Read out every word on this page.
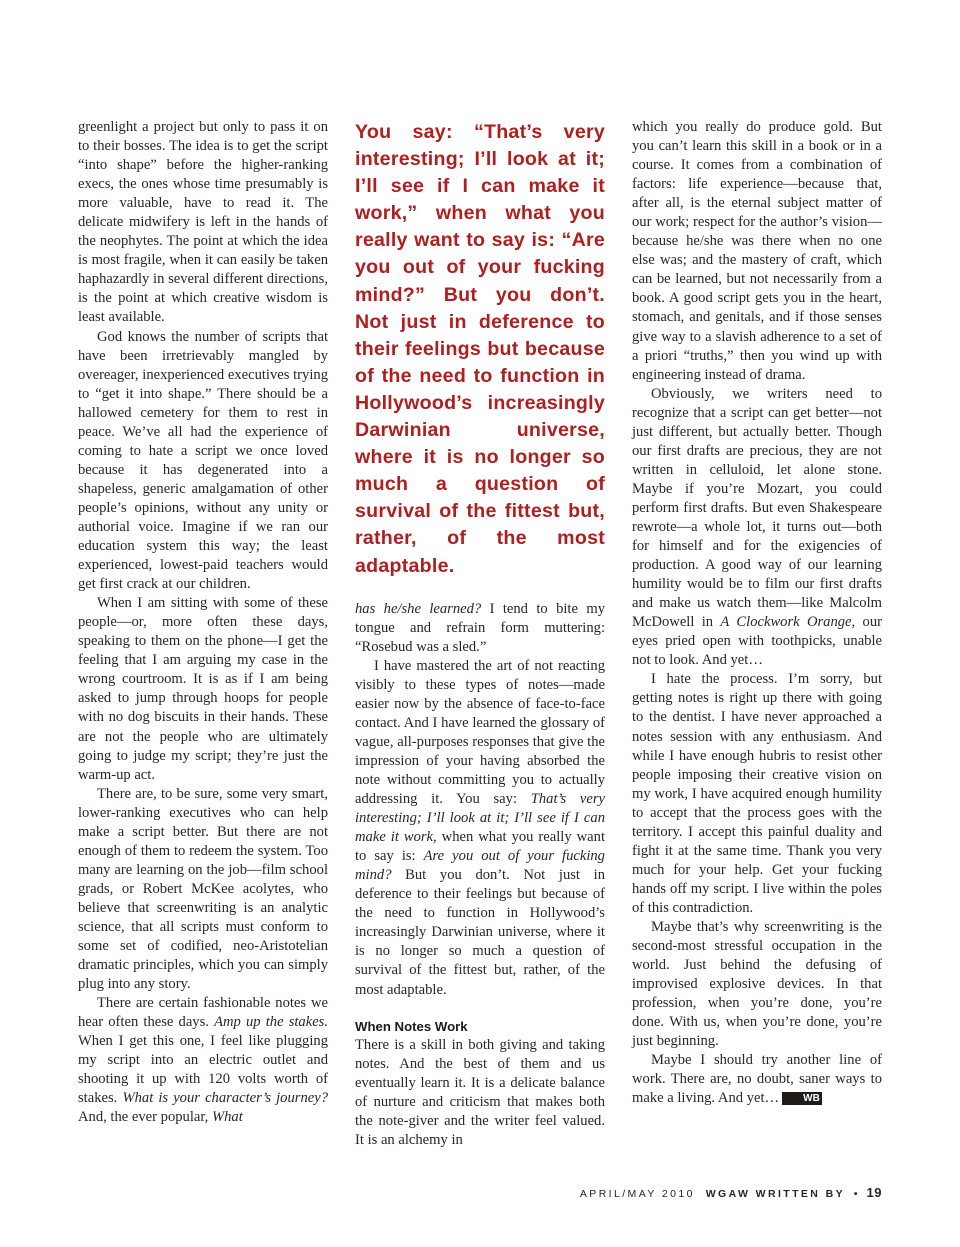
greenlight a project but only to pass it on to their bosses. The idea is to get the script “into shape” before the higher-ranking execs, the ones whose time presumably is more valuable, have to read it. The delicate midwifery is left in the hands of the neophytes. The point at which the idea is most fragile, when it can easily be taken haphazardly in several different directions, is the point at which creative wisdom is least available.

God knows the number of scripts that have been irretrievably mangled by overeager, inexperienced executives trying to “get it into shape.” There should be a hallowed cemetery for them to rest in peace. We’ve all had the experience of coming to hate a script we once loved because it has degenerated into a shapeless, generic amalgamation of other people’s opinions, without any unity or authorial voice. Imagine if we ran our education system this way; the least experienced, lowest-paid teachers would get first crack at our children.

When I am sitting with some of these people—or, more often these days, speaking to them on the phone—I get the feeling that I am arguing my case in the wrong courtroom. It is as if I am being asked to jump through hoops for people with no dog biscuits in their hands. These are not the people who are ultimately going to judge my script; they’re just the warm-up act.

There are, to be sure, some very smart, lower-ranking executives who can help make a script better. But there are not enough of them to redeem the system. Too many are learning on the job—film school grads, or Robert McKee acolytes, who believe that screenwriting is an analytic science, that all scripts must conform to some set of codified, neo-Aristotelian dramatic principles, which you can simply plug into any story.

There are certain fashionable notes we hear often these days. Amp up the stakes. When I get this one, I feel like plugging my script into an electric outlet and shooting it up with 120 volts worth of stakes. What is your character’s journey? And, the ever popular, What

You say: “That’s very interesting; I’ll look at it; I’ll see if I can make it work,” when what you really want to say is: “Are you out of your fucking mind?” But you don’t. Not just in deference to their feelings but because of the need to function in Hollywood’s increasingly Darwinian universe, where it is no longer so much a question of survival of the fittest but, rather, of the most adaptable.

has he/she learned? I tend to bite my tongue and refrain form muttering: “Rosebud was a sled.”

I have mastered the art of not reacting visibly to these types of notes—made easier now by the absence of face-to-face contact. And I have learned the glossary of vague, all-purposes responses that give the impression of your having absorbed the note without committing you to actually addressing it. You say: That’s very interesting; I’ll look at it; I’ll see if I can make it work, when what you really want to say is: Are you out of your fucking mind? But you don’t. Not just in deference to their feelings but because of the need to function in Hollywood’s increasingly Darwinian universe, where it is no longer so much a question of survival of the fittest but, rather, of the most adaptable.

When Notes Work

There is a skill in both giving and taking notes. And the best of them and us eventually learn it. It is a delicate balance of nurture and criticism that makes both the note-giver and the writer feel valued. It is an alchemy in

which you really do produce gold. But you can’t learn this skill in a book or in a course. It comes from a combination of factors: life experience—because that, after all, is the eternal subject matter of our work; respect for the author’s vision—because he/she was there when no one else was; and the mastery of craft, which can be learned, but not necessarily from a book. A good script gets you in the heart, stomach, and genitals, and if those senses give way to a slavish adherence to a set of a priori “truths,” then you wind up with engineering instead of drama.

Obviously, we writers need to recognize that a script can get better—not just different, but actually better. Though our first drafts are precious, they are not written in celluloid, let alone stone. Maybe if you’re Mozart, you could perform first drafts. But even Shakespeare rewrote—a whole lot, it turns out—both for himself and for the exigencies of production. A good way of our learning humility would be to film our first drafts and make us watch them—like Malcolm McDowell in A Clockwork Orange, our eyes pried open with toothpicks, unable not to look. And yet…

I hate the process. I’m sorry, but getting notes is right up there with going to the dentist. I have never approached a notes session with any enthusiasm. And while I have enough hubris to resist other people imposing their creative vision on my work, I have acquired enough humility to accept that the process goes with the territory. I accept this painful duality and fight it at the same time. Thank you very much for your help. Get your fucking hands off my script. I live within the poles of this contradiction.

Maybe that’s why screenwriting is the second-most stressful occupation in the world. Just behind the defusing of improvised explosive devices. In that profession, when you’re done, you’re done. With us, when you’re done, you’re just beginning.

Maybe I should try another line of work. There are, no doubt, saner ways to make a living. And yet… WB

APRIL/MAY 2010 WGAW WRITTEN BY • 19
